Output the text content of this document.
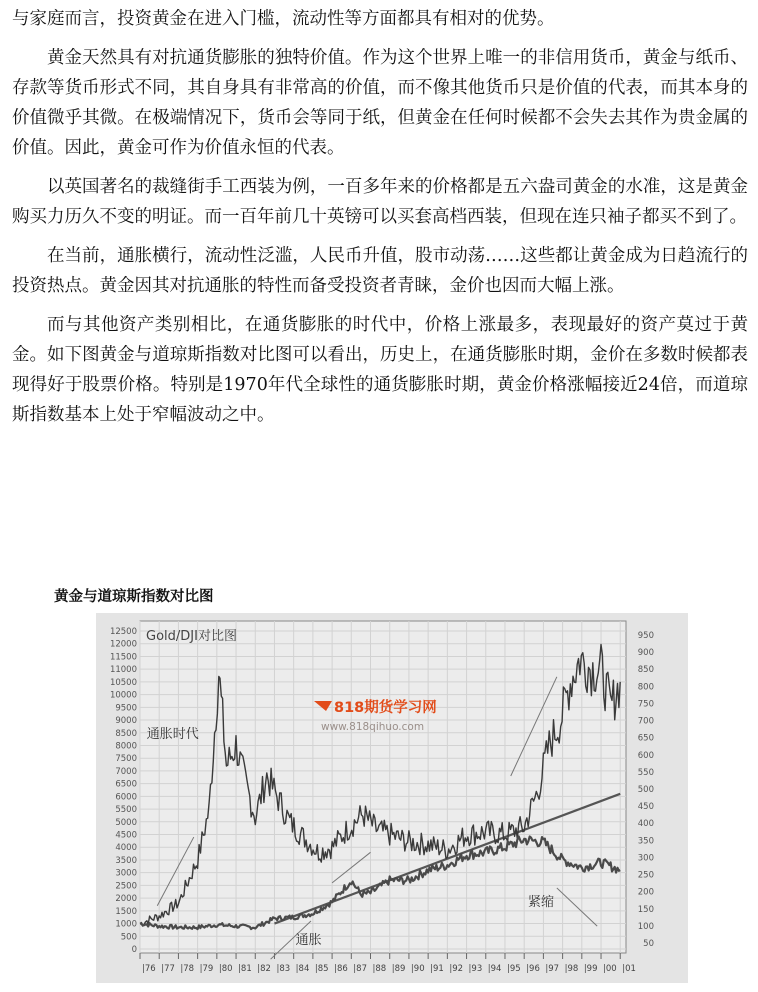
与家庭而言，投资黄金在进入门槛，流动性等方面都具有相对的优势。

黄金天然具有对抗通货膨胀的独特价值。作为这个世界上唯一的非信用货币，黄金与纸币、存款等货币形式不同，其自身具有非常高的价值，而不像其他货币只是价值的代表，而其本身的价值微乎其微。在极端情况下，货币会等同于纸，但黄金在任何时候都不会失去其作为贵金属的价值。因此，黄金可作为价值永恒的代表。

以英国著名的裁缝街手工西装为例，一百多年来的价格都是五六盎司黄金的水准，这是黄金购买力历久不变的明证。而一百年前几十英镑可以买套高档西装，但现在连只袖子都买不到了。

在当前，通胀横行，流动性泛滥，人民币升值，股市动荡……这些都让黄金成为日趋流行的投资热点。黄金因其对抗通胀的特性而备受投资者青睐，金价也因而大幅上涨。

而与其他资产类别相比，在通货膨胀的时代中，价格上涨最多，表现最好的资产莫过于黄金。如下图黄金与道琼斯指数对比图可以看出，历史上，在通货膨胀时期，金价在多数时候都表现得好于股票价格。特别是1970年代全球性的通货膨胀时期，黄金价格涨幅接近24倍，而道琼斯指数基本上处于窄幅波动之中。

黄金与道琼斯指数对比图
12500
12000
11500
11000
10500
10000
9500
9000
8500
8000
7500
7000
6500
6000
5500
5000
4500
4000
3500
3000
2500
2000
1500
1000
500
0
950
900
850
800
750
700
650
600
550
500
450
400
350
300
250
200
150
100
50
|76 |77 |78 |79 |80 |81 |82 |83 |84 |85 |86 |87 |88 |89 |90 |91 |92 |93 |94 |95 |96 |97 |98 |99 |00 |01
通胀时代
通胀
紧缩
Gold/DJI对比图
818期货学习网
www.818qihuo.com
